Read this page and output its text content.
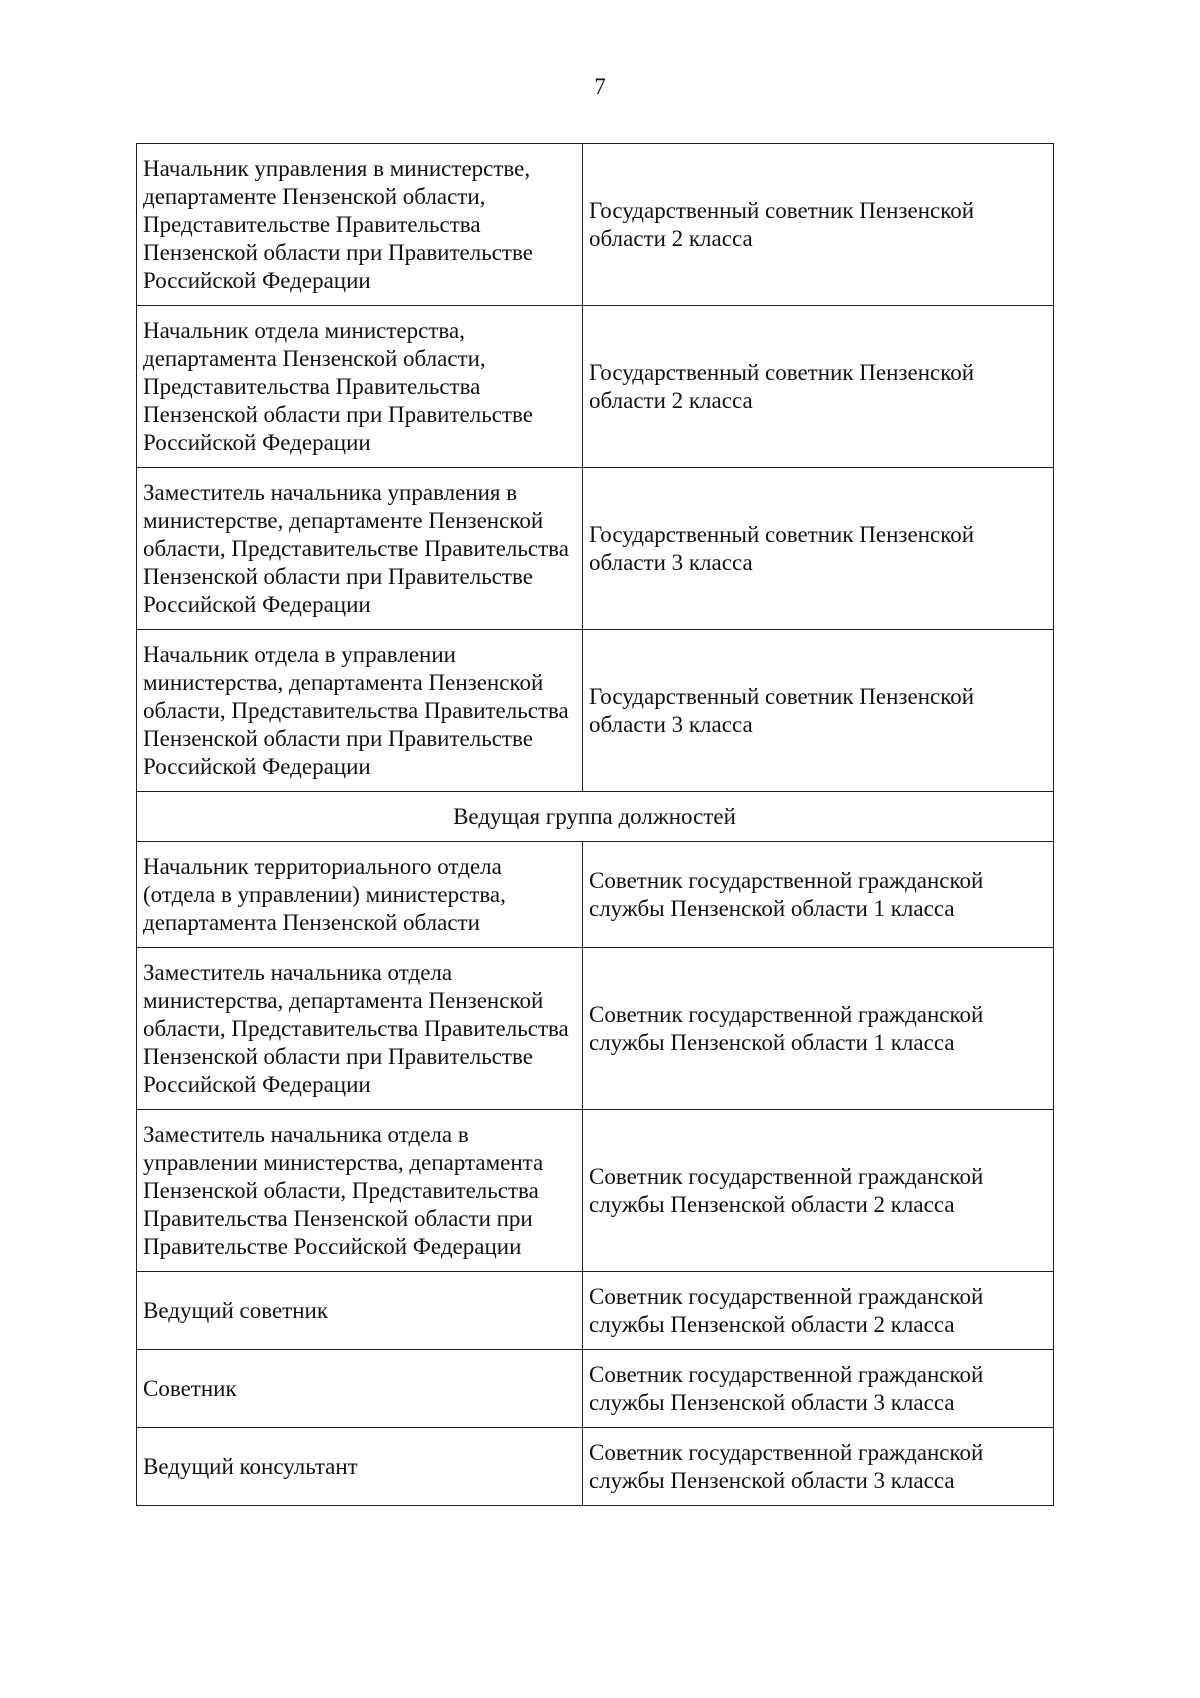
7
Начальник управления в министерстве, департаменте Пензенской области, Представительстве Правительства Пензенской области при Правительстве Российской Федерации	Государственный советник Пензенской области 2 класса
Начальник отдела министерства, департамента Пензенской области, Представительства Правительства Пензенской области при Правительстве Российской Федерации	Государственный советник Пензенской области 2 класса
Заместитель начальника управления в министерстве, департаменте Пензенской области, Представительстве Правительства Пензенской области при Правительстве Российской Федерации	Государственный советник Пензенской области 3 класса
Начальник отдела в управлении министерства, департамента Пензенской области, Представительства Правительства Пензенской области при Правительстве Российской Федерации	Государственный советник Пензенской области 3 класса
Ведущая группа должностей	
Начальник территориального отдела (отдела в управлении) министерства, департамента Пензенской области	Советник государственной гражданской службы Пензенской области 1 класса
Заместитель начальника отдела министерства, департамента Пензенской области, Представительства Правительства Пензенской области при Правительстве Российской Федерации	Советник государственной гражданской службы Пензенской области 1 класса
Заместитель начальника отдела в управлении министерства, департамента Пензенской области, Представительства Правительства Пензенской области при Правительстве Российской Федерации	Советник государственной гражданской службы Пензенской области 2 класса
Ведущий советник	Советник государственной гражданской службы Пензенской области 2 класса
Советник	Советник государственной гражданской службы Пензенской области 3 класса
Ведущий консультант	Советник государственной гражданской службы Пензенской области 3 класса
